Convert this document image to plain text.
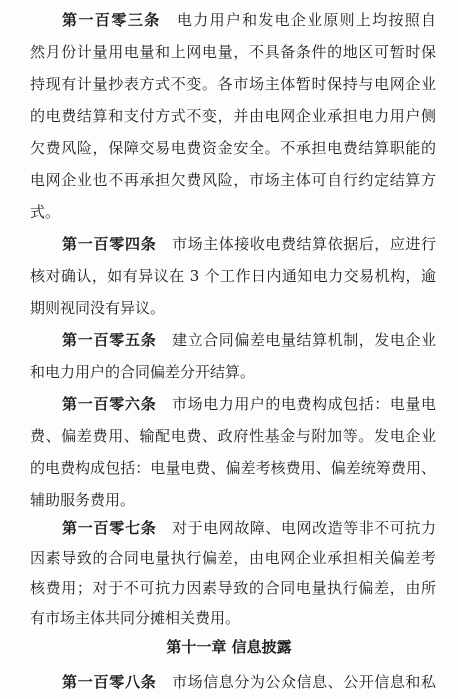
第一百零三条　 电力用户和发电企业原则上均按照自
然月份计量用电量和上网电量，不具备条件的地区可暂时保
持现有计量抄表方式不变。各市场主体暂时保持与电网企业
的电费结算和支付方式不变，并由电网企业承担电力用户侧
欠费风险，保障交易电费资金安全。不承担电费结算职能的
电网企业也不再承担欠费风险，市场主体可自行约定结算方
式。
第一百零四条　 市场主体接收电费结算依据后，应进行
核对确认，如有异议在 3 个工作日内通知电力交易机构，逾
期则视同没有异议。
第一百零五条　 建立合同偏差电量结算机制，发电企业
和电力用户的合同偏差分开结算。
第一百零六条　 市场电力用户的电费构成包括：电量电
费、偏差费用、输配电费、政府性基金与附加等。发电企业
的电费构成包括：电量电费、偏差考核费用、偏差统筹费用、
辅助服务费用。
第一百零七条　 对于电网故障、电网改造等非不可抗力
因素导致的合同电量执行偏差，由电网企业承担相关偏差考
核费用；对于不可抗力因素导致的合同电量执行偏差，由所
有市场主体共同分摊相关费用。
第十一章 信息披露
第一百零八条　 市场信息分为公众信息、公开信息和私
